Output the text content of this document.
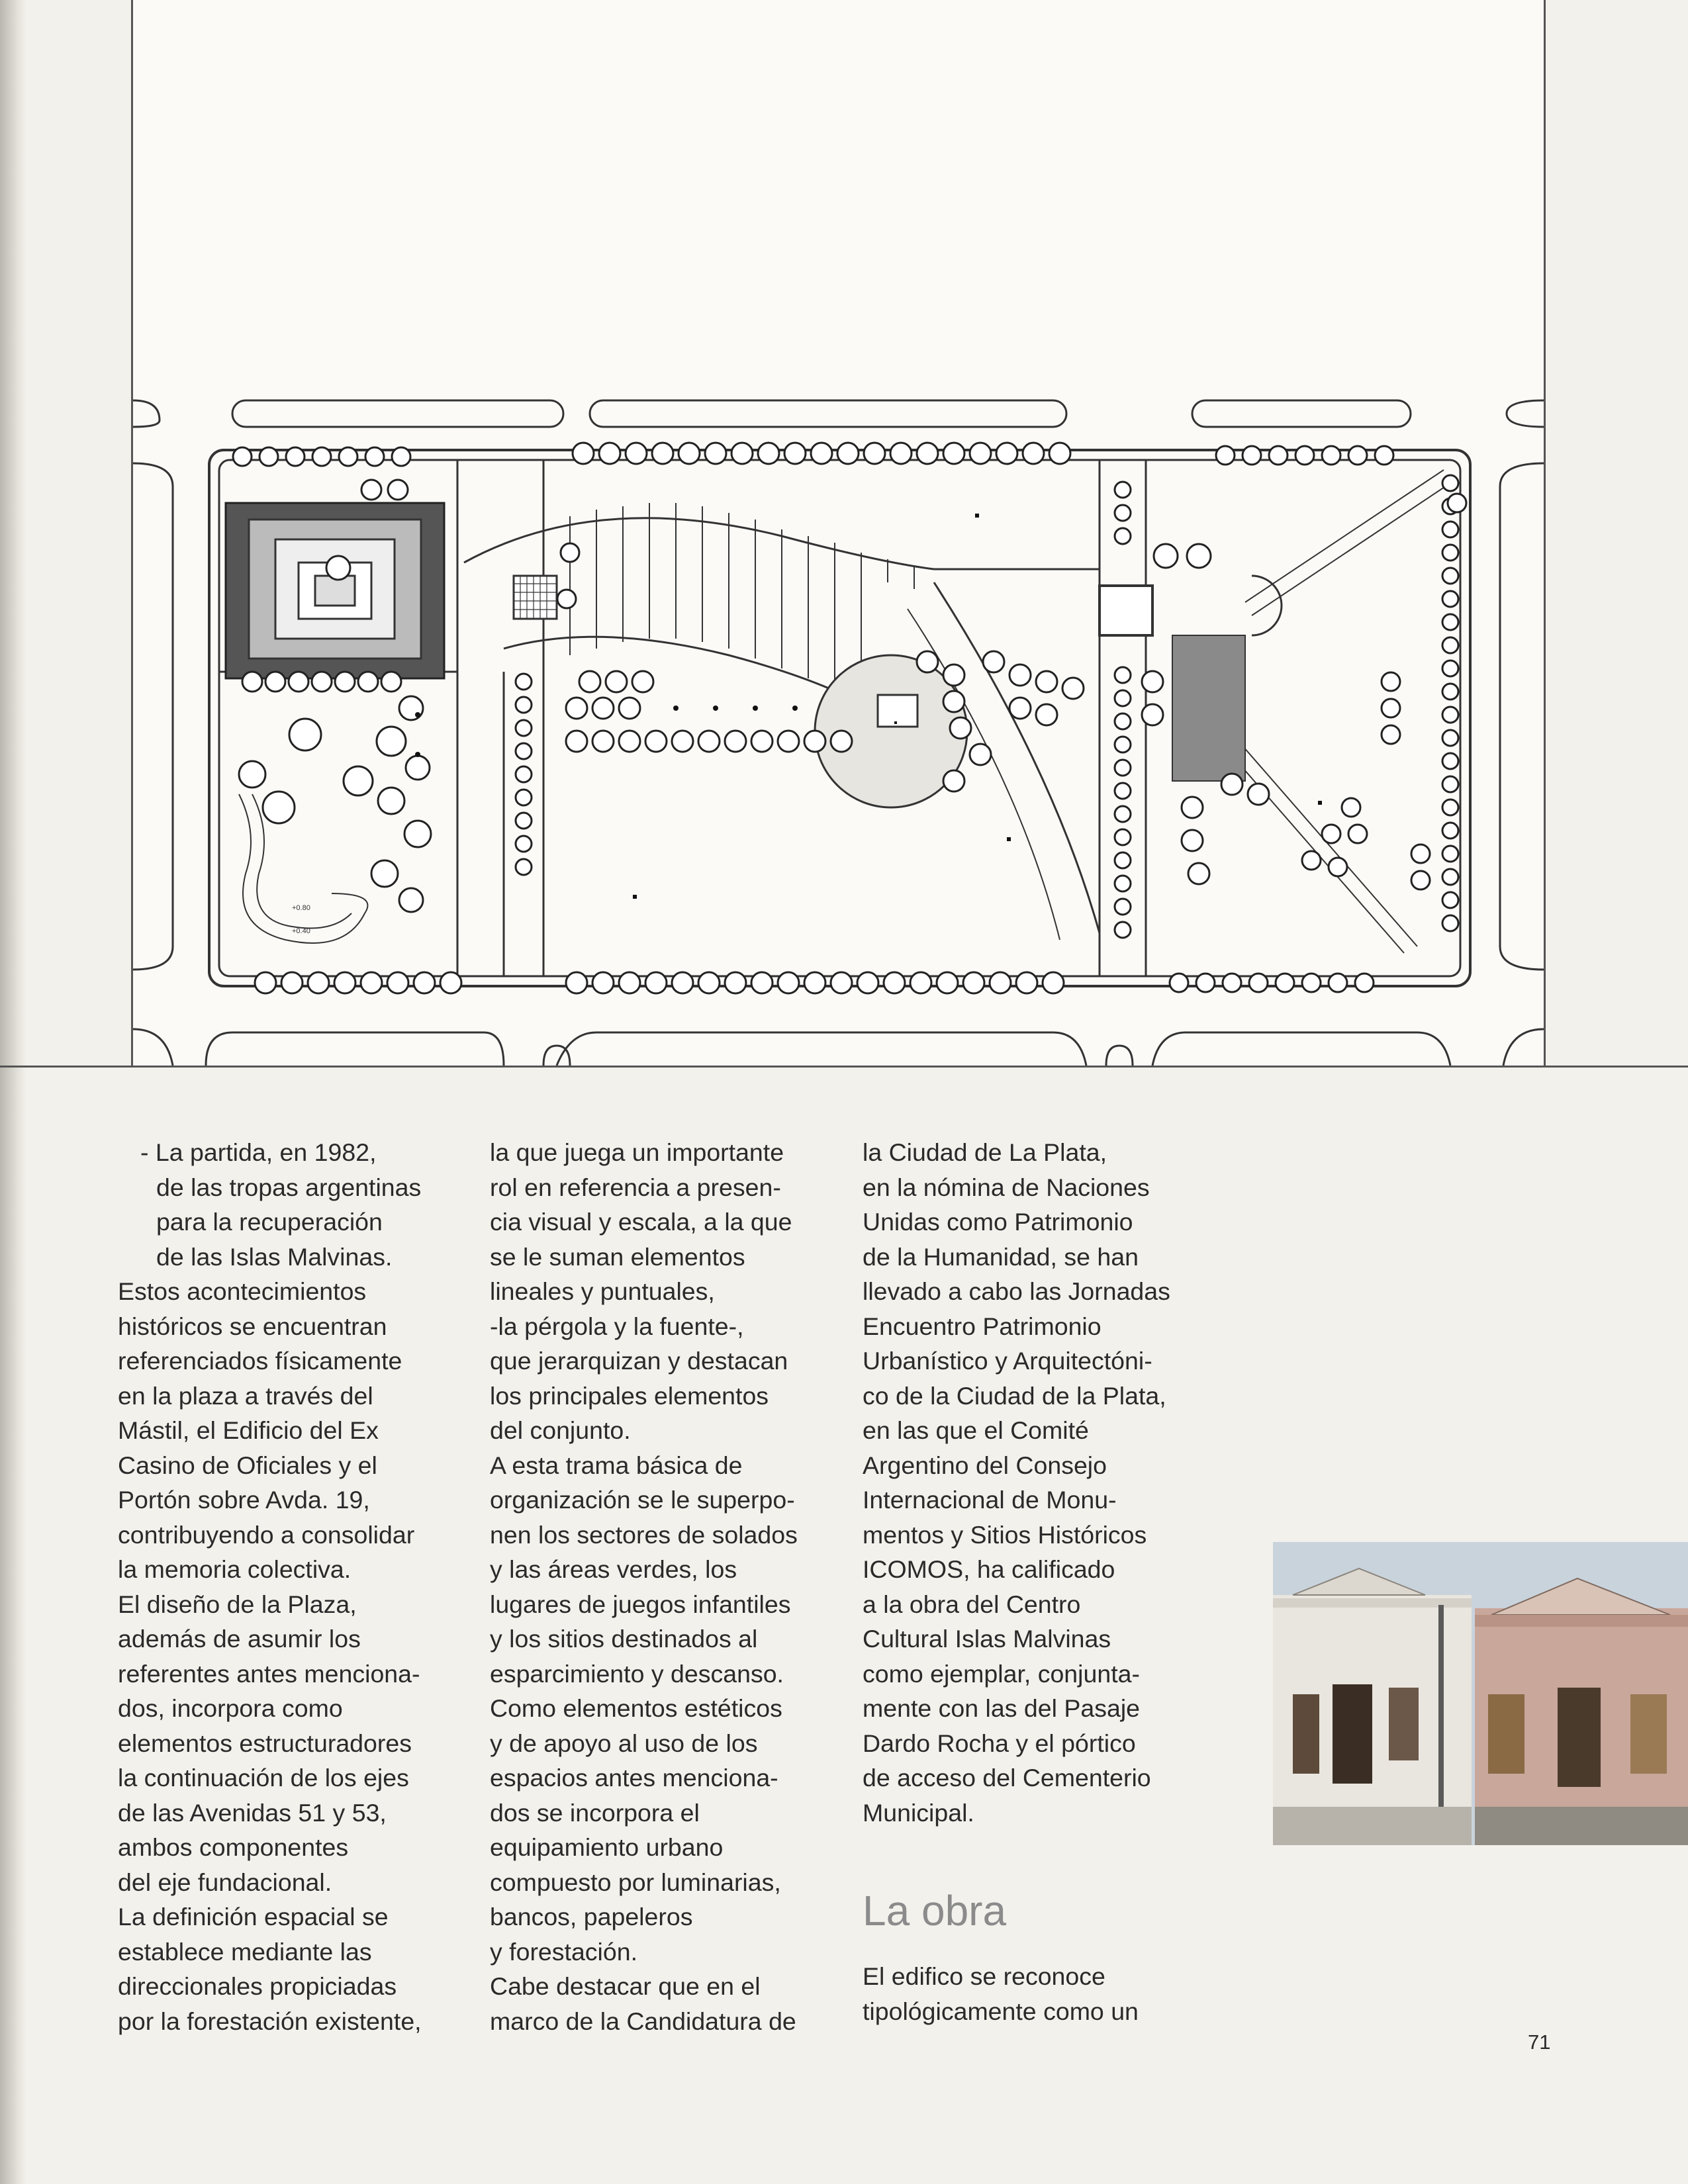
+0.80
+0.40

- La partida, en 1982,

de las tropas argentinas

para la recuperación

de las Islas Malvinas.

Estos acontecimientos

históricos se encuentran

referenciados físicamente

en la plaza a través del

Mástil, el Edificio del Ex

Casino de Oficiales y el

Portón sobre Avda. 19,

contribuyendo a consolidar

la memoria colectiva.

El diseño de la Plaza,

además de asumir los

referentes antes menciona-

dos, incorpora como

elementos estructuradores

la continuación de los ejes

de las Avenidas 51 y 53,

ambos componentes

del eje fundacional.

La definición espacial se

establece mediante las

direccionales propiciadas

por la forestación existente,

la que juega un importante

rol en referencia a presen-

cia visual y escala, a la que

se le suman elementos

lineales y puntuales,

-la pérgola y la fuente-,

que jerarquizan y destacan

los principales elementos

del conjunto.

A esta trama básica de

organización se le superpo-

nen los sectores de solados

y las áreas verdes, los

lugares de juegos infantiles

y los sitios destinados al

esparcimiento y descanso.

Como elementos estéticos

y de apoyo al uso de los

espacios antes menciona-

dos se incorpora el

equipamiento urbano

compuesto por luminarias,

bancos, papeleros

y forestación.

Cabe destacar que en el

marco de la Candidatura de

la Ciudad de La Plata,

en la nómina de Naciones

Unidas como Patrimonio

de la Humanidad, se han

llevado a cabo las Jornadas

Encuentro Patrimonio

Urbanístico y Arquitectóni-

co de la Ciudad de la Plata,

en las que el Comité

Argentino del Consejo

Internacional de Monu-

mentos y Sitios Históricos

ICOMOS, ha calificado

a la obra del Centro

Cultural Islas Malvinas

como ejemplar, conjunta-

mente con las del Pasaje

Dardo Rocha y el pórtico

de acceso del Cementerio

Municipal.

La obra

El edifico se reconoce

tipológicamente como un

71
